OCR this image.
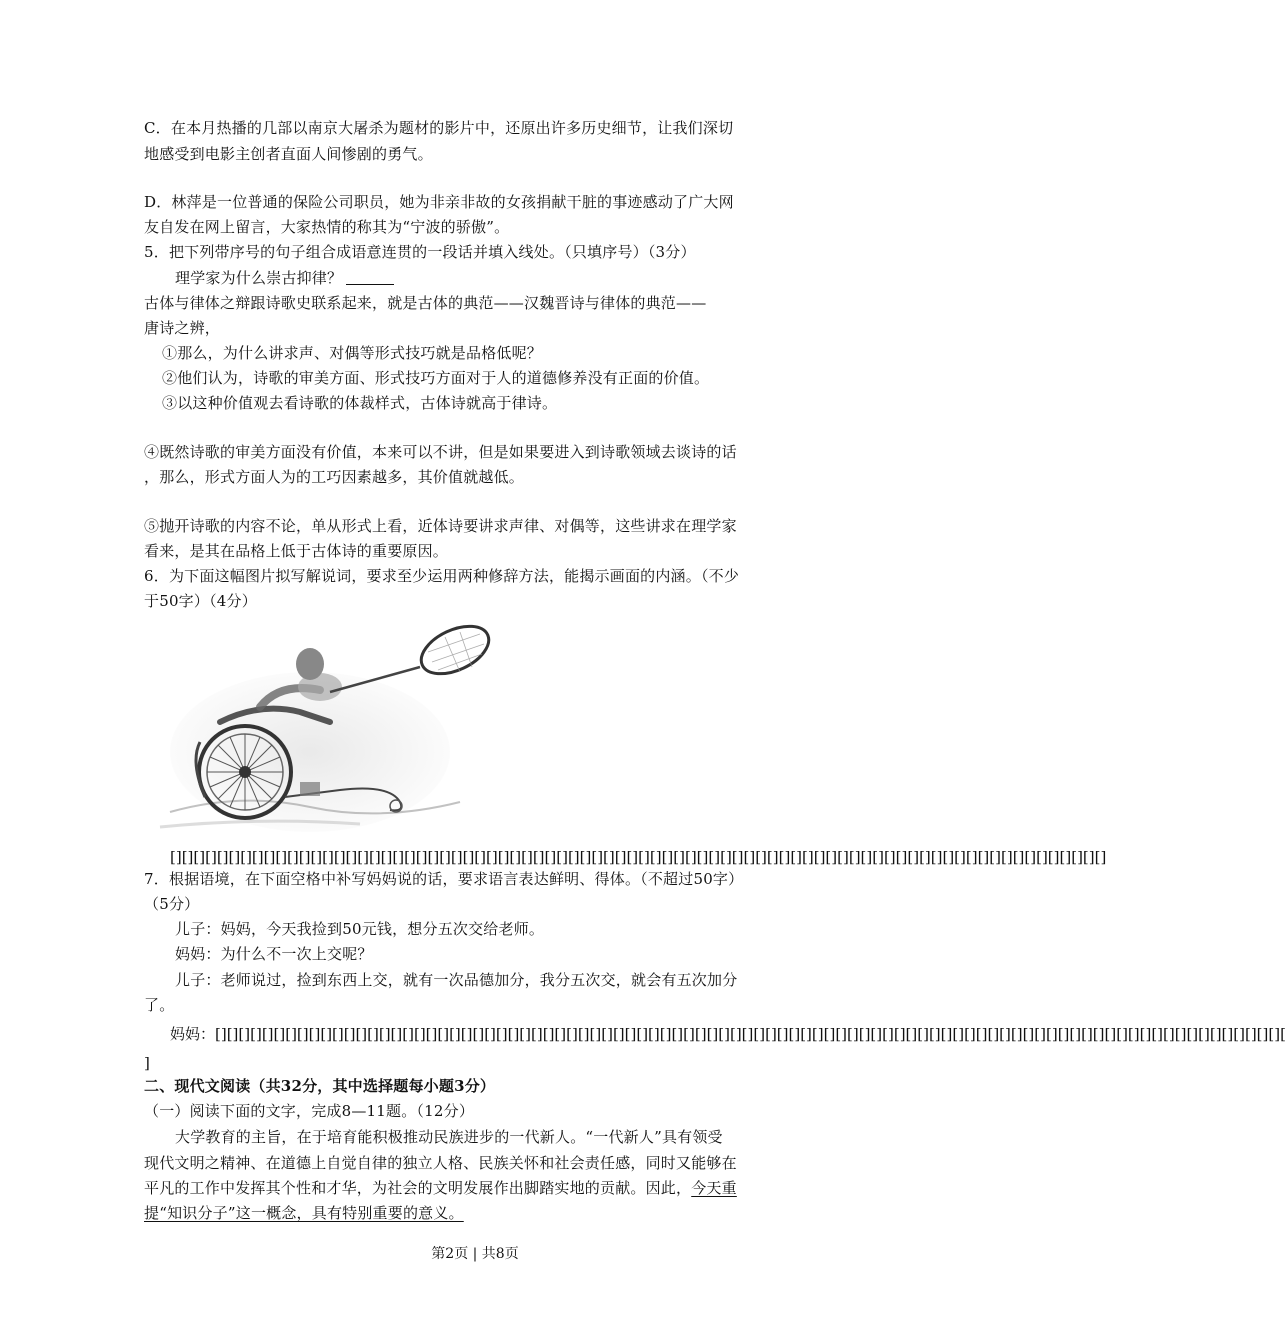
C．在本月热播的几部以南京大屠杀为题材的影片中，还原出许多历史细节，让我们深切
地感受到电影主创者直面人间惨剧的勇气。
D．林萍是一位普通的保险公司职员，她为非亲非故的女孩捐献干脏的事迹感动了广大网
友自发在网上留言，大家热情的称其为“宁波的骄傲”。
5．把下列带序号的句子组合成语意连贯的一段话并填入线处。（只填序号）（3分）
理学家为什么崇古抑律？
古体与律体之辩跟诗歌史联系起来，就是古体的典范——汉魏晋诗与律体的典范——
唐诗之辨，
①那么，为什么讲求声、对偶等形式技巧就是品格低呢？
②他们认为，诗歌的审美方面、形式技巧方面对于人的道德修养没有正面的价值。
③以这种价值观去看诗歌的体裁样式，古体诗就高于律诗。
④既然诗歌的审美方面没有价值，本来可以不讲，但是如果要进入到诗歌领域去谈诗的话
，那么，形式方面人为的工巧因素越多，其价值就越低。
⑤抛开诗歌的内容不论，单从形式上看，近体诗要讲求声律、对偶等，这些讲求在理学家
看来，是其在品格上低于古体诗的重要原因。
6．为下面这幅图片拟写解说词，要求至少运用两种修辞方法，能揭示画面的内涵。（不少
于50字）（4分）
[][][][][][][][][][][][][][][][][][][][][][][][][][][][][][][][][][][][][][][][][][][][][][][][][][][][][][][][][][][][][][][][][][][][][][][][][][][][][][][][]
7．根据语境，在下面空格中补写妈妈说的话，要求语言表达鲜明、得体。（不超过50字）
（5分）
儿子：妈妈，今天我捡到50元钱，想分五次交给老师。
妈妈：为什么不一次上交呢？
儿子：老师说过，捡到东西上交，就有一次品德加分，我分五次交，就会有五次加分
了。
妈妈：[][][][][][][][][][][][][][][][][][][][][][][][][][][][][][][][][][][][][][][][][][][][][][][][][][][][][][][][][][][][][][][][][][][][][][][][][][][][][][][][][][][][][][][][][][][][
]
二、现代文阅读（共32分，其中选择题每小题3分）
（一）阅读下面的文字，完成8—11题。（12分）
大学教育的主旨，在于培育能积极推动民族进步的一代新人。“一代新人”具有领受
现代文明之精神、在道德上自觉自律的独立人格、民族关怀和社会责任感，同时又能够在
平凡的工作中发挥其个性和才华，为社会的文明发展作出脚踏实地的贡献。因此，今天重
提“知识分子”这一概念，具有特别重要的意义。
第2页 | 共8页
